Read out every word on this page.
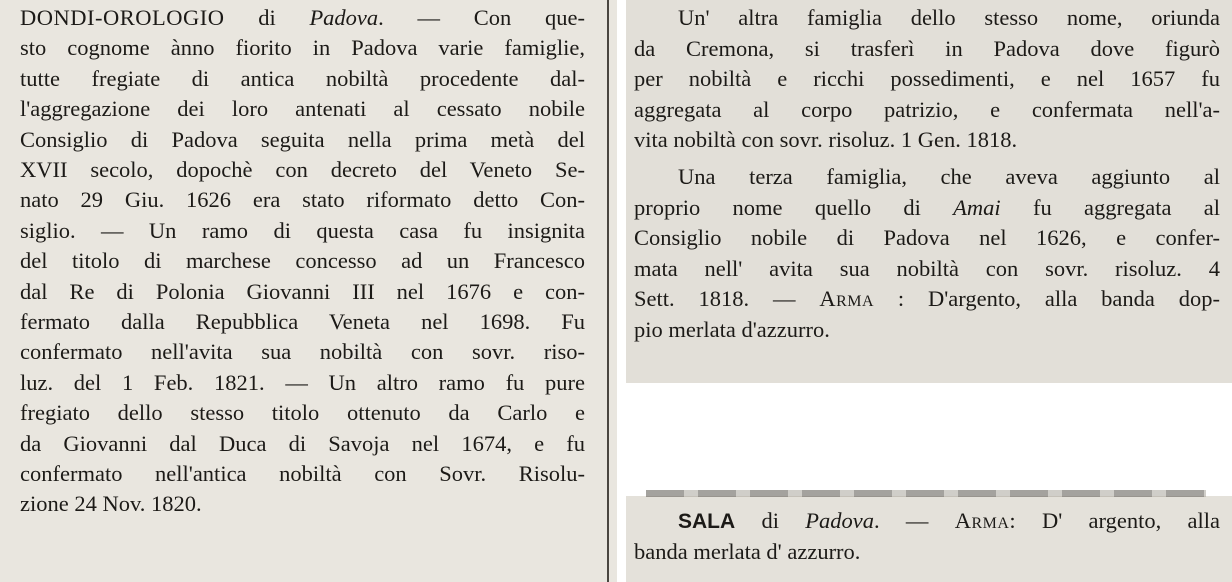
DONDI-OROLOGIO di Padova. — Con que-
sto cognome ànno fiorito in Padova varie famiglie,
tutte fregiate di antica nobiltà procedente dal-
l'aggregazione dei loro antenati al cessato nobile
Consiglio di Padova seguita nella prima metà del
XVII secolo, dopochè con decreto del Veneto Se-
nato 29 Giu. 1626 era stato riformato detto Con-
siglio. — Un ramo di questa casa fu insignita
del titolo di marchese concesso ad un Francesco
dal Re di Polonia Giovanni III nel 1676 e con-
fermato dalla Repubblica Veneta nel 1698. Fu
confermato nell'avita sua nobiltà con sovr. riso-
luz. del 1 Feb. 1821. — Un altro ramo fu pure
fregiato dello stesso titolo ottenuto da Carlo e
da Giovanni dal Duca di Savoja nel 1674, e fu
confermato nell'antica nobiltà con Sovr. Risolu-
zione 24 Nov. 1820.
Un' altra famiglia dello stesso nome, oriunda
da Cremona, si trasferì in Padova dove figurò
per nobiltà e ricchi possedimenti, e nel 1657 fu
aggregata al corpo patrizio, e confermata nell'a-
vita nobiltà con sovr. risoluz. 1 Gen. 1818.
Una terza famiglia, che aveva aggiunto al
proprio nome quello di Amai fu aggregata al
Consiglio nobile di Padova nel 1626, e confer-
mata nell' avita sua nobiltà con sovr. risoluz. 4
Sett. 1818. — Arma : D'argento, alla banda dop-
pio merlata d'azzurro.
SALA di Padova. — Arma: D' argento, alla
banda merlata d' azzurro.
